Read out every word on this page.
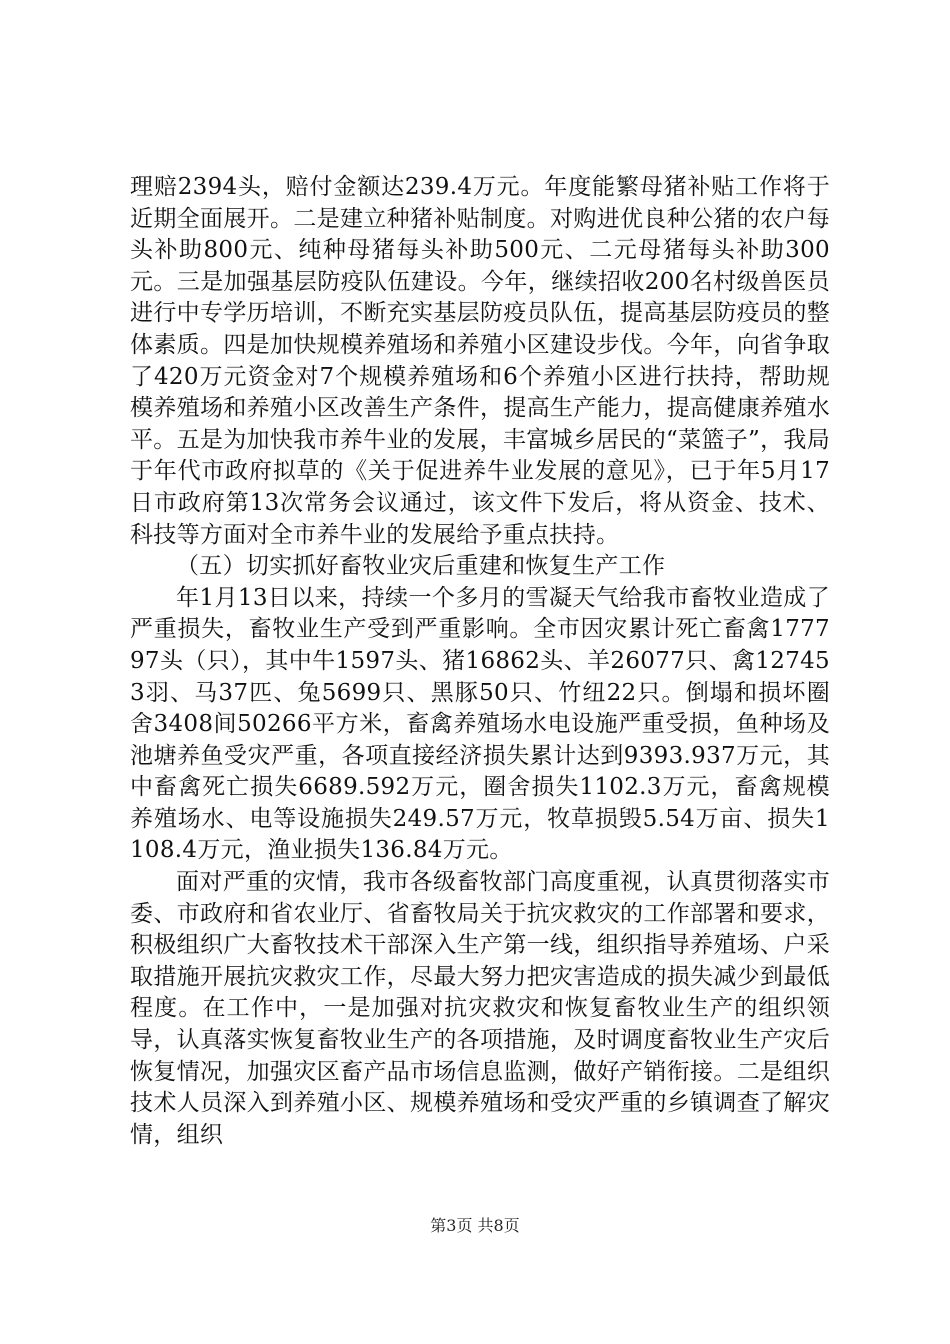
理赔2394头，赔付金额达239.4万元。年度能繁母猪补贴工作将于近期全面展开。二是建立种猪补贴制度。对购进优良种公猪的农户每头补助800元、纯种母猪每头补助500元、二元母猪每头补助300元。三是加强基层防疫队伍建设。今年，继续招收200名村级兽医员进行中专学历培训，不断充实基层防疫员队伍，提高基层防疫员的整体素质。四是加快规模养殖场和养殖小区建设步伐。今年，向省争取了420万元资金对7个规模养殖场和6个养殖小区进行扶持，帮助规模养殖场和养殖小区改善生产条件，提高生产能力，提高健康养殖水平。五是为加快我市养牛业的发展，丰富城乡居民的“菜篮子”，我局于年代市政府拟草的《关于促进养牛业发展的意见》，已于年5月17日市政府第13次常务会议通过，该文件下发后，将从资金、技术、科技等方面对全市养牛业的发展给予重点扶持。

（五）切实抓好畜牧业灾后重建和恢复生产工作

年1月13日以来，持续一个多月的雪凝天气给我市畜牧业造成了严重损失，畜牧业生产受到严重影响。全市因灾累计死亡畜禽177797头（只），其中牛1597头、猪16862头、羊26077只、禽127453羽、马37匹、兔5699只、黑豚50只、竹纽22只。倒塌和损坏圈舍3408间50266平方米，畜禽养殖场水电设施严重受损，鱼种场及池塘养鱼受灾严重，各项直接经济损失累计达到9393.937万元，其中畜禽死亡损失6689.592万元，圈舍损失1102.3万元，畜禽规模养殖场水、电等设施损失249.57万元，牧草损毁5.54万亩、损失1108.4万元，渔业损失136.84万元。

面对严重的灾情，我市各级畜牧部门高度重视，认真贯彻落实市委、市政府和省农业厅、省畜牧局关于抗灾救灾的工作部署和要求，积极组织广大畜牧技术干部深入生产第一线，组织指导养殖场、户采取措施开展抗灾救灾工作，尽最大努力把灾害造成的损失减少到最低程度。在工作中，一是加强对抗灾救灾和恢复畜牧业生产的组织领导，认真落实恢复畜牧业生产的各项措施，及时调度畜牧业生产灾后恢复情况，加强灾区畜产品市场信息监测，做好产销衔接。二是组织技术人员深入到养殖小区、规模养殖场和受灾严重的乡镇调查了解灾情，组织

第3页 共8页
